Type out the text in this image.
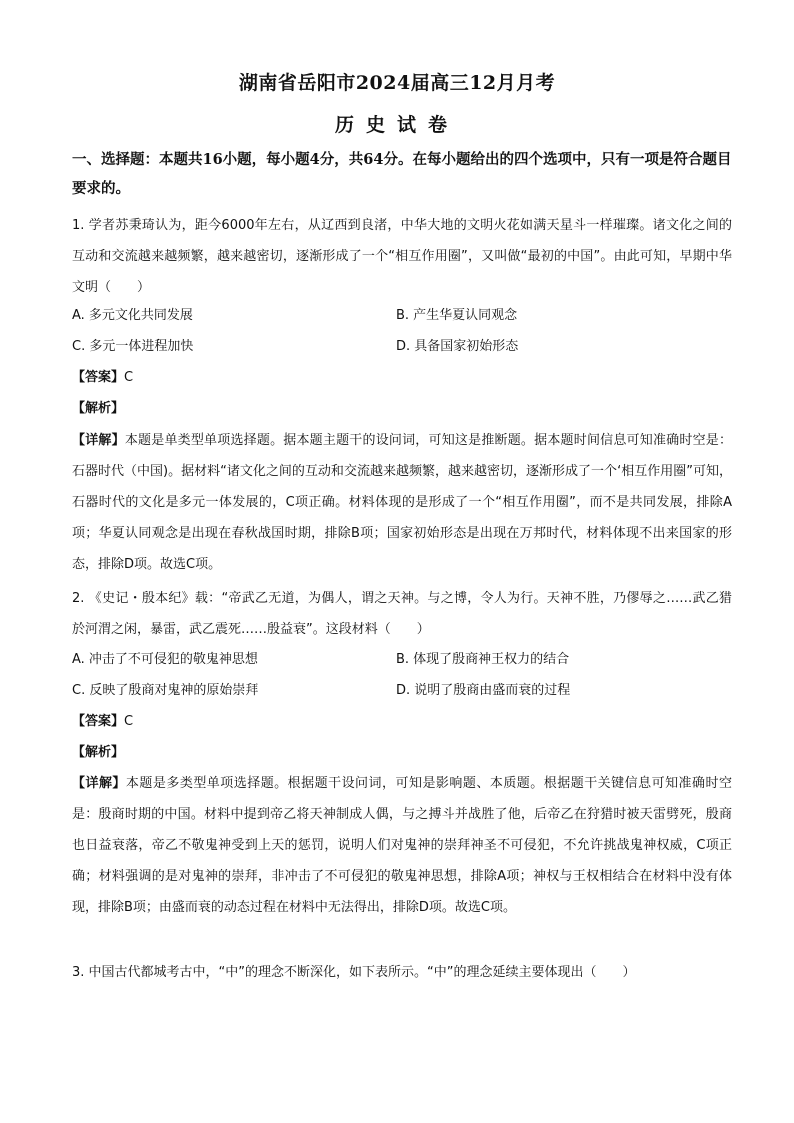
湖南省岳阳市2024届高三12月月考
历史试卷
一、选择题：本题共16小题，每小题4分，共64分。在每小题给出的四个选项中，只有一项是符合题目要求的。
1. 学者苏秉琦认为，距今6000年左右，从辽西到良渚，中华大地的文明火花如满天星斗一样璀璨。诸文化之间的互动和交流越来越频繁，越来越密切，逐渐形成了一个“相互作用圈”，又叫做“最初的中国”。由此可知，早期中华文明（　　）
A. 多元文化共同发展	B. 产生华夏认同观念
C. 多元一体进程加快	D. 具备国家初始形态
【答案】C
【解析】
【详解】本题是单类型单项选择题。据本题主题干的设问词，可知这是推断题。据本题时间信息可知准确时空是：石器时代（中国)。据材料“诸文化之间的互动和交流越来越频繁，越来越密切，逐渐形成了一个‘相互作用圈”可知，石器时代的文化是多元一体发展的，C项正确。材料体现的是形成了一个“相互作用圈”，而不是共同发展，排除A项；华夏认同观念是出现在春秋战国时期，排除B项；国家初始形态是出现在万邦时代，材料体现不出来国家的形态，排除D项。故选C项。
2. 《史记・殷本纪》载：“帝武乙无道，为偶人，谓之天神。与之博，令人为行。天神不胜，乃僇辱之……武乙猎於河渭之闲，暴雷，武乙震死……殷益衰”。这段材料（　　）
A. 冲击了不可侵犯的敬鬼神思想	B. 体现了殷商神王权力的结合
C. 反映了殷商对鬼神的原始崇拜	D. 说明了殷商由盛而衰的过程
【答案】C
【解析】
【详解】本题是多类型单项选择题。根据题干设问词，可知是影响题、本质题。根据题干关键信息可知准确时空是：殷商时期的中国。材料中提到帝乙将天神制成人偶，与之搏斗并战胜了他，后帝乙在狩猎时被天雷劈死，殷商也日益衰落，帝乙不敬鬼神受到上天的惩罚，说明人们对鬼神的崇拜神圣不可侵犯，不允许挑战鬼神权威，C项正确；材料强调的是对鬼神的崇拜，非冲击了不可侵犯的敬鬼神思想，排除A项；神权与王权相结合在材料中没有体现，排除B项；由盛而衰的动态过程在材料中无法得出，排除D项。故选C项。
3. 中国古代都城考古中，“中”的理念不断深化，如下表所示。“中”的理念延续主要体现出（　　）
